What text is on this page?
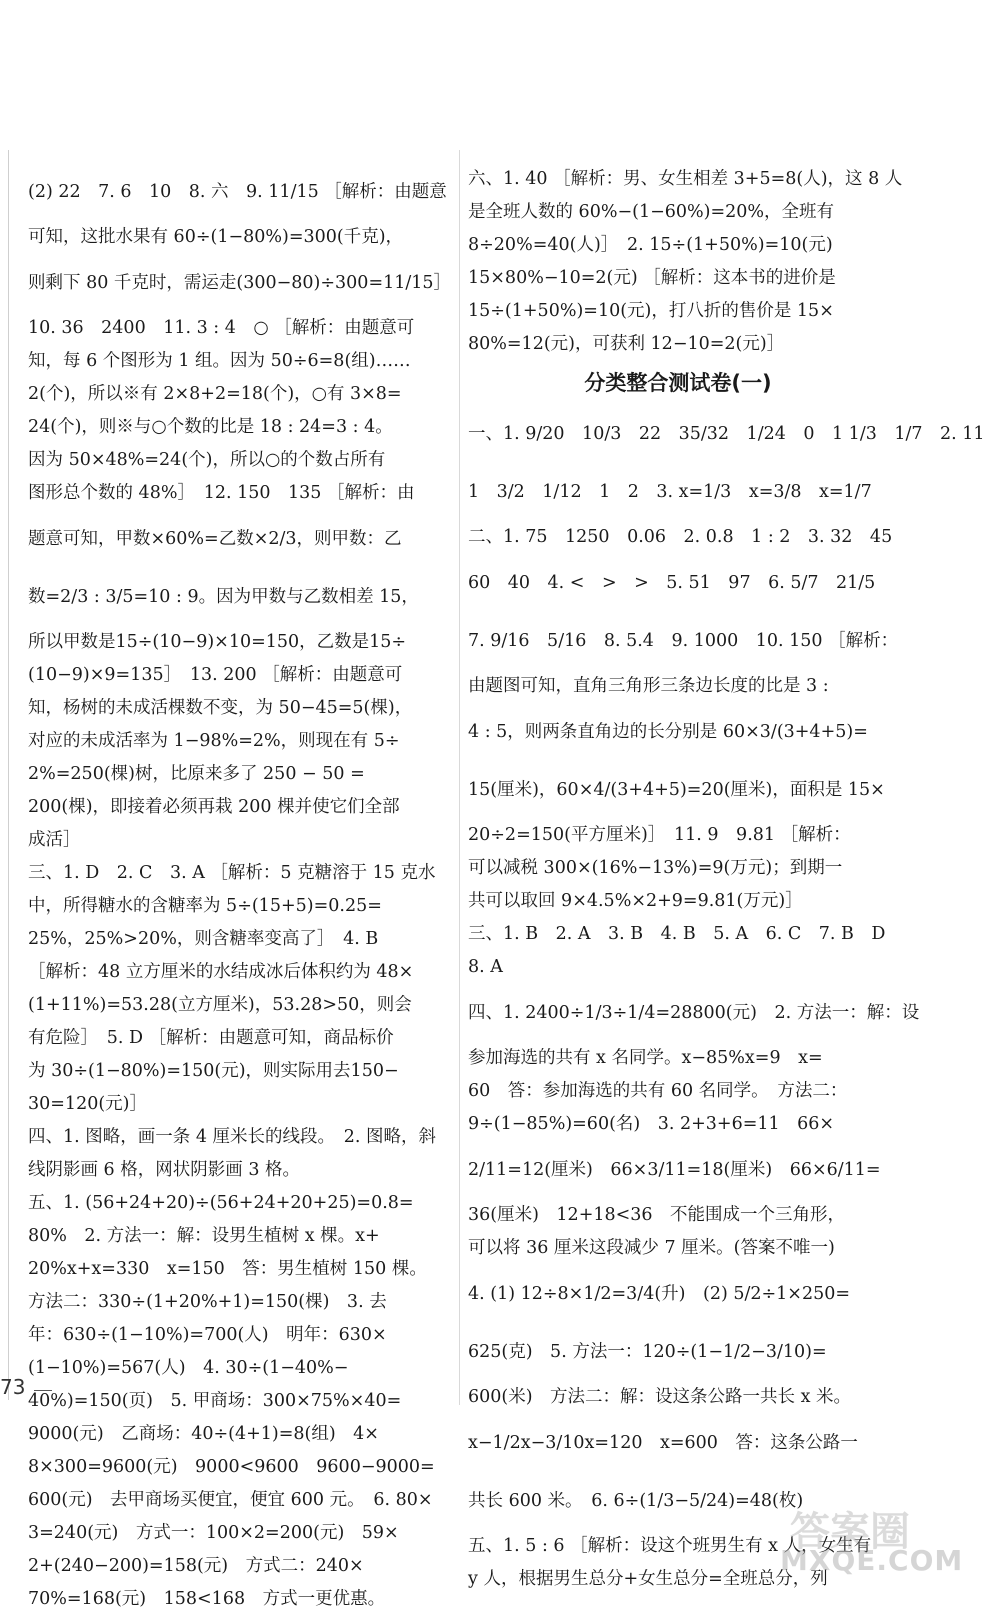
(2) 22　7. 6　10　8. 六　9. 11/15 ［解析：由题意
可知，这批水果有 60÷(1−80%)=300(千克)，
则剩下 80 千克时，需运走(300−80)÷300=11/15］
10. 36　2400　11. 3 : 4　○ ［解析：由题意可
知，每 6 个图形为 1 组。因为 50÷6=8(组)……
2(个)，所以※有 2×8+2=18(个)，○有 3×8=
24(个)，则※与○个数的比是 18 : 24=3 : 4。
因为 50×48%=24(个)，所以○的个数占所有
图形总个数的 48%］　12. 150　135 ［解析：由
题意可知，甲数×60%=乙数×2/3，则甲数：乙
数=2/3 : 3/5=10 : 9。因为甲数与乙数相差 15，
所以甲数是15÷(10−9)×10=150，乙数是15÷
(10−9)×9=135］　13. 200 ［解析：由题意可
知，杨树的未成活棵数不变，为 50−45=5(棵)，
对应的未成活率为 1−98%=2%，则现在有 5÷
2%=250(棵)树，比原来多了 250 − 50 =
200(棵)，即接着必须再栽 200 棵并使它们全部
成活］
三、1. D　2. C　3. A ［解析：5 克糖溶于 15 克水
中，所得糖水的含糖率为 5÷(15+5)=0.25=
25%，25%>20%，则含糖率变高了］　4. B
［解析：48 立方厘米的水结成冰后体积约为 48×
(1+11%)=53.28(立方厘米)，53.28>50，则会
有危险］　5. D ［解析：由题意可知，商品标价
为 30÷(1−80%)=150(元)，则实际用去150−
30=120(元)］
四、1. 图略，画一条 4 厘米长的线段。　2. 图略，斜
线阴影画 6 格，网状阴影画 3 格。
五、1. (56+24+20)÷(56+24+20+25)=0.8=
80%　2. 方法一：解：设男生植树 x 棵。x+
20%x+x=330　x=150　答：男生植树 150 棵。
方法二：330÷(1+20%+1)=150(棵)　3. 去
年：630÷(1−10%)=700(人)　明年：630×
(1−10%)=567(人)　4. 30÷(1−40%−
40%)=150(页)　5. 甲商场：300×75%×40=
9000(元)　乙商场：40÷(4+1)=8(组)　4×
8×300=9600(元)　9000<9600　9600−9000=
600(元)　去甲商场买便宜，便宜 600 元。　6. 80×
3=240(元)　方式一：100×2=200(元)　59×
2+(240−200)=158(元)　方式二：240×
70%=168(元)　158<168　方式一更优惠。
六、1. 40 ［解析：男、女生相差 3+5=8(人)，这 8 人
是全班人数的 60%−(1−60%)=20%，全班有
8÷20%=40(人)］　2. 15÷(1+50%)=10(元)
15×80%−10=2(元) ［解析：这本书的进价是
15÷(1+50%)=10(元)，打八折的售价是 15×
80%=12(元)，可获利 12−10=2(元)］
分类整合测试卷(一)
一、1. 9/20　10/3　22　35/32　1/24　0　1 1/3　1/7　2. 11
1　3/2　1/12　1　2　3. x=1/3　x=3/8　x=1/7
二、1. 75　1250　0.06　2. 0.8　1 : 2　3. 32　45
60　40　4. <　>　>　5. 51　97　6. 5/7　21/5
7. 9/16　5/16　8. 5.4　9. 1000　10. 150 ［解析：
由题图可知，直角三角形三条边长度的比是 3 :
4 : 5，则两条直角边的长分别是 60×3/(3+4+5)=
15(厘米)，60×4/(3+4+5)=20(厘米)，面积是 15×
20÷2=150(平方厘米)］　11. 9　9.81 ［解析：
可以减税 300×(16%−13%)=9(万元)；到期一
共可以取回 9×4.5%×2+9=9.81(万元)］
三、1. B　2. A　3. B　4. B　5. A　6. C　7. B　D
8. A
四、1. 2400÷1/3÷1/4=28800(元)　2. 方法一：解：设
参加海选的共有 x 名同学。x−85%x=9　x=
60　答：参加海选的共有 60 名同学。　方法二：
9÷(1−85%)=60(名)　3. 2+3+6=11　66×
2/11=12(厘米)　66×3/11=18(厘米)　66×6/11=
36(厘米)　12+18<36　不能围成一个三角形，
可以将 36 厘米这段减少 7 厘米。(答案不唯一)
4. (1) 12÷8×1/2=3/4(升)　(2) 5/2÷1×250=
625(克)　5. 方法一：120÷(1−1/2−3/10)=
600(米)　方法二：解：设这条公路一共长 x 米。
x−1/2x−3/10x=120　x=600　答：这条公路一
共长 600 米。　6. 6÷(1/3−5/24)=48(枚)
五、1. 5 : 6 ［解析：设这个班男生有 x 人，女生有
y 人，根据男生总分+女生总分=全班总分，列
73
答案圈
MXQE.COM
